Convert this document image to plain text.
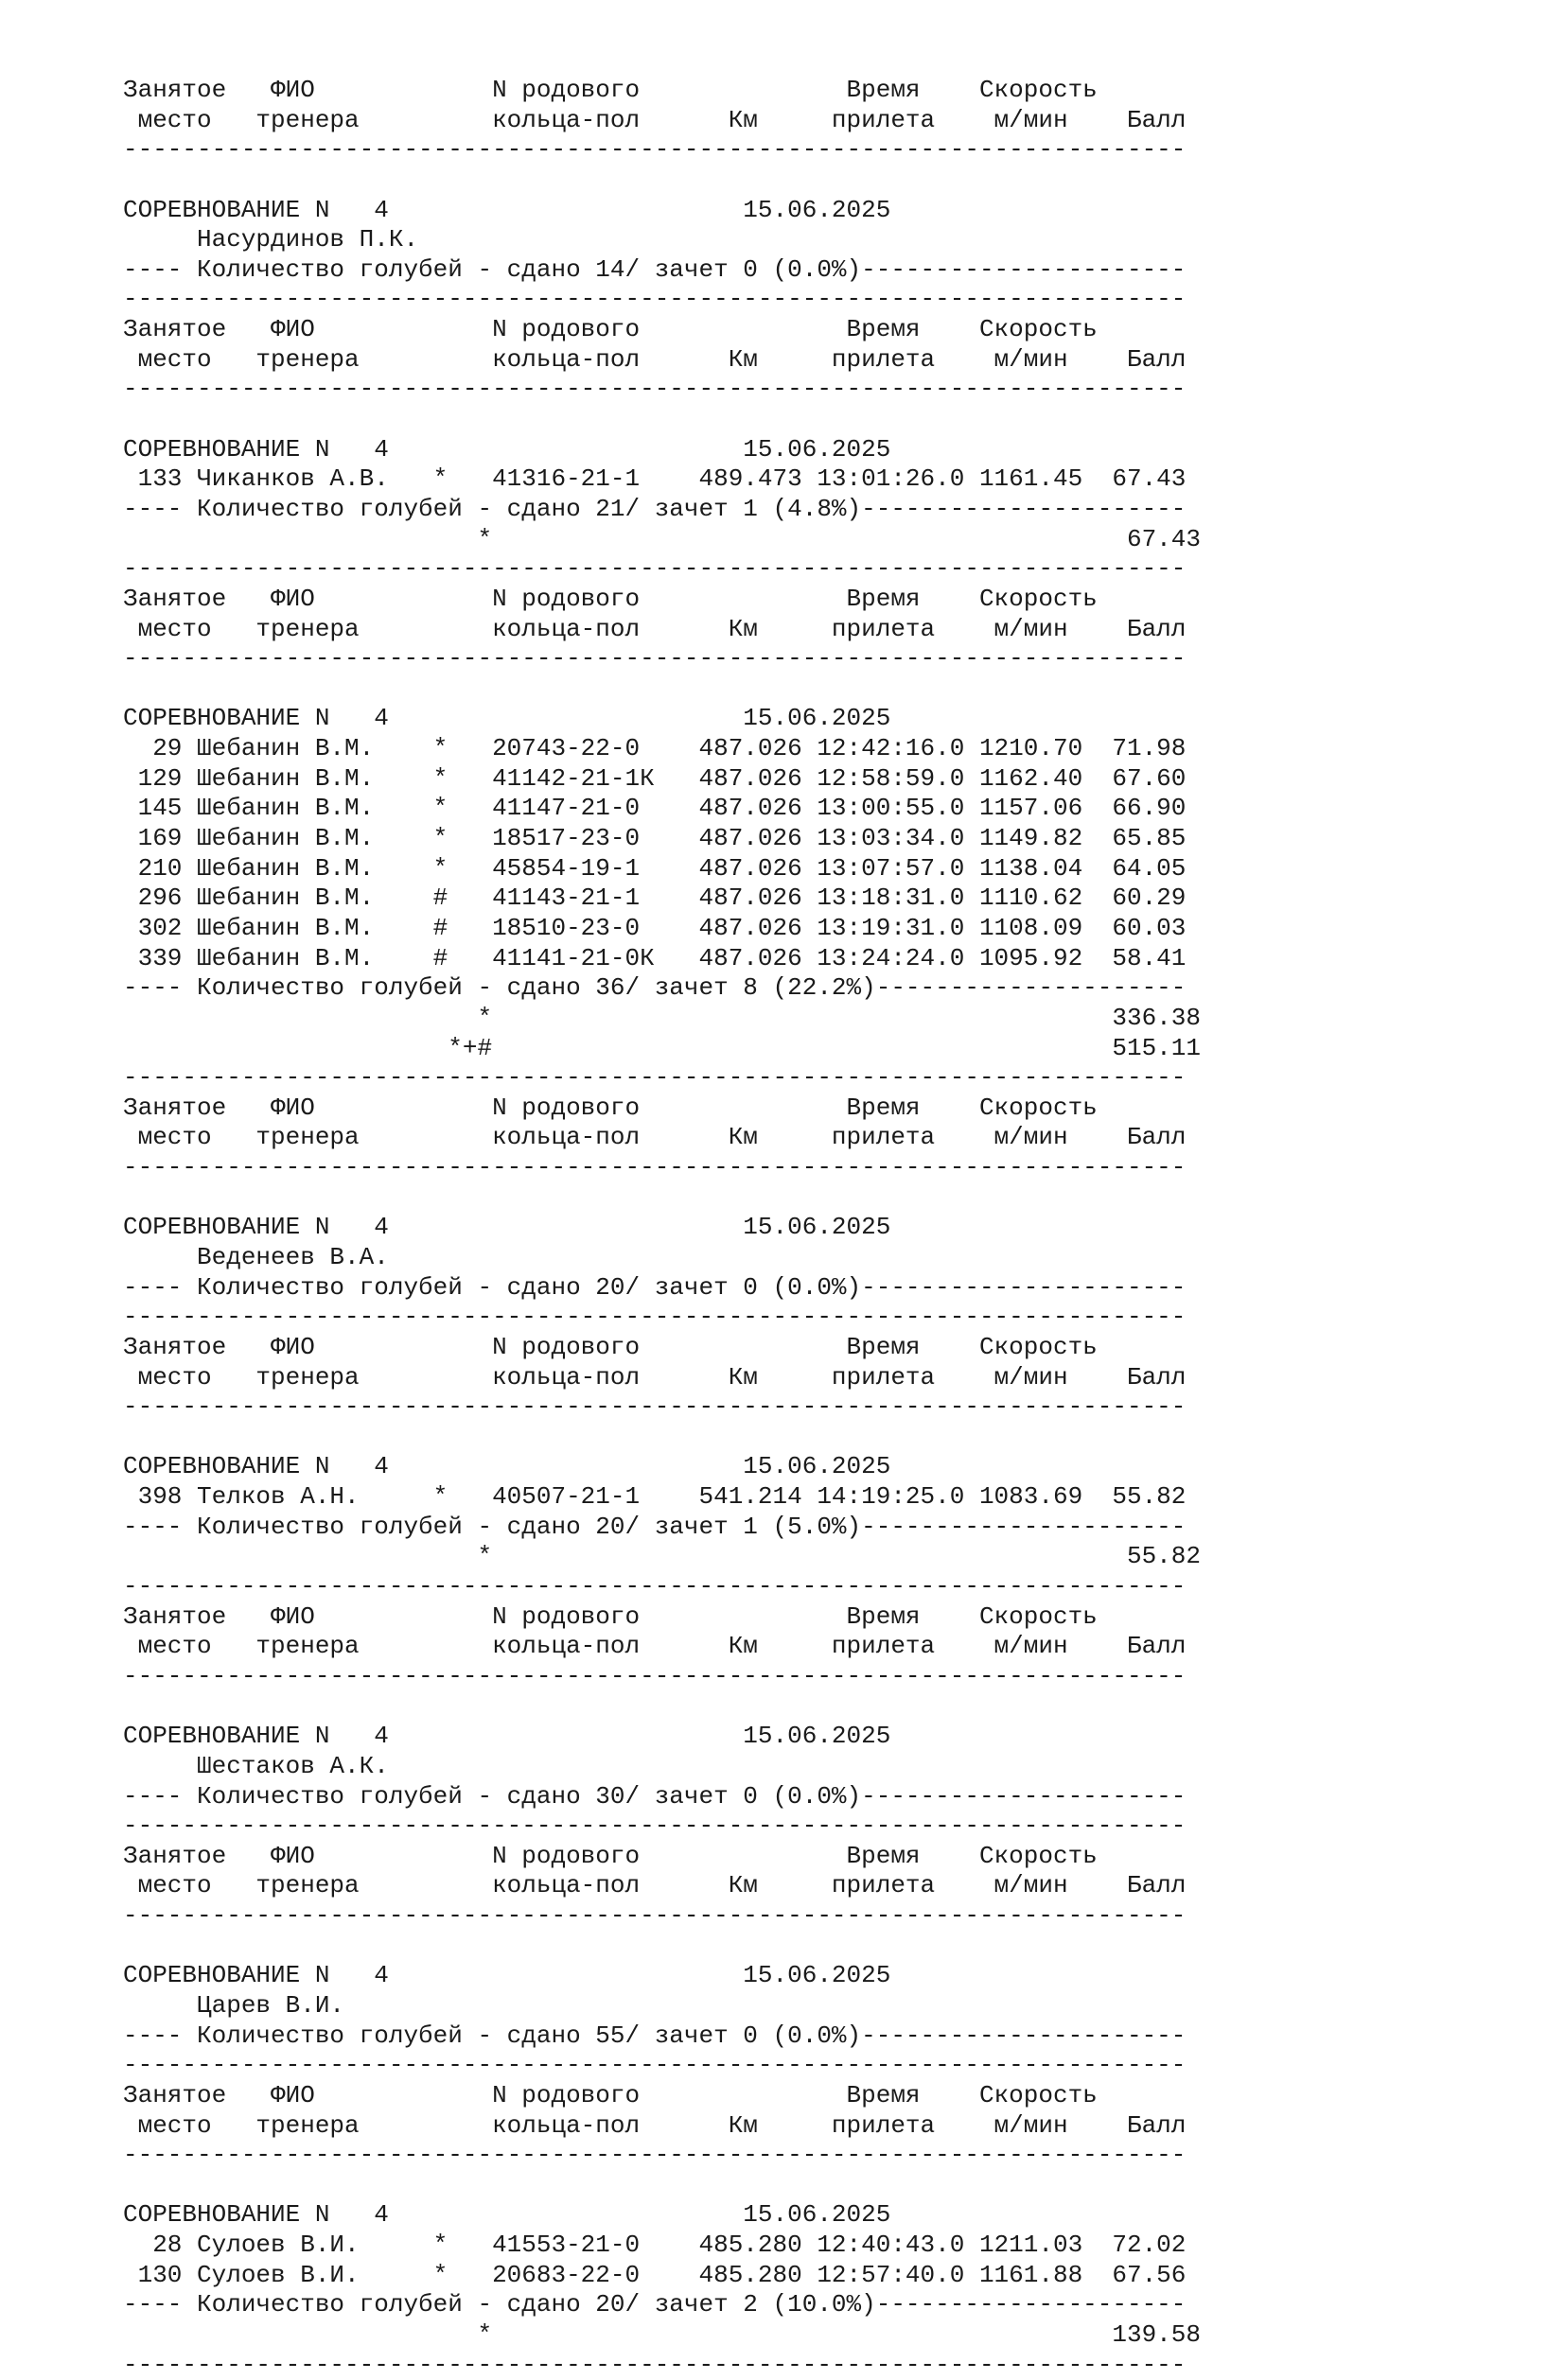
Занятое   ФИО            N родового              Время    Скорость
место   тренера         кольца-пол      Км     прилета    м/мин    Балл
------------------------------------------------------------------------
СОРЕВНОВАНИЕ N   4                        15.06.2025
Насурдинов П.К.
---- Количество голубей - сдано 14/ зачет 0 (0.0%)----------------------
------------------------------------------------------------------------
Занятое   ФИО            N родового              Время    Скорость
место   тренера         кольца-пол      Км     прилета    м/мин    Балл
------------------------------------------------------------------------
СОРЕВНОВАНИЕ N   4                        15.06.2025
133 Чиканков А.В.   *   41316-21-1    489.473 13:01:26.0 1161.45  67.43
---- Количество голубей - сдано 21/ зачет 1 (4.8%)----------------------
*                                           67.43
------------------------------------------------------------------------
Занятое   ФИО            N родового              Время    Скорость
место   тренера         кольца-пол      Км     прилета    м/мин    Балл
------------------------------------------------------------------------
СОРЕВНОВАНИЕ N   4                        15.06.2025
29 Шебанин В.М.    *   20743-22-0    487.026 12:42:16.0 1210.70  71.98
129 Шебанин В.М.    *   41142-21-1К   487.026 12:58:59.0 1162.40  67.60
145 Шебанин В.М.    *   41147-21-0    487.026 13:00:55.0 1157.06  66.90
169 Шебанин В.М.    *   18517-23-0    487.026 13:03:34.0 1149.82  65.85
210 Шебанин В.М.    *   45854-19-1    487.026 13:07:57.0 1138.04  64.05
296 Шебанин В.М.    #   41143-21-1    487.026 13:18:31.0 1110.62  60.29
302 Шебанин В.М.    #   18510-23-0    487.026 13:19:31.0 1108.09  60.03
339 Шебанин В.М.    #   41141-21-0К   487.026 13:24:24.0 1095.92  58.41
---- Количество голубей - сдано 36/ зачет 8 (22.2%)---------------------
*                                          336.38
*+#                                          515.11
------------------------------------------------------------------------
Занятое   ФИО            N родового              Время    Скорость
место   тренера         кольца-пол      Км     прилета    м/мин    Балл
------------------------------------------------------------------------
СОРЕВНОВАНИЕ N   4                        15.06.2025
Веденеев В.А.
---- Количество голубей - сдано 20/ зачет 0 (0.0%)----------------------
------------------------------------------------------------------------
Занятое   ФИО            N родового              Время    Скорость
место   тренера         кольца-пол      Км     прилета    м/мин    Балл
------------------------------------------------------------------------
СОРЕВНОВАНИЕ N   4                        15.06.2025
398 Телков А.Н.     *   40507-21-1    541.214 14:19:25.0 1083.69  55.82
---- Количество голубей - сдано 20/ зачет 1 (5.0%)----------------------
*                                           55.82
------------------------------------------------------------------------
Занятое   ФИО            N родового              Время    Скорость
место   тренера         кольца-пол      Км     прилета    м/мин    Балл
------------------------------------------------------------------------
СОРЕВНОВАНИЕ N   4                        15.06.2025
Шестаков А.К.
---- Количество голубей - сдано 30/ зачет 0 (0.0%)----------------------
------------------------------------------------------------------------
Занятое   ФИО            N родового              Время    Скорость
место   тренера         кольца-пол      Км     прилета    м/мин    Балл
------------------------------------------------------------------------
СОРЕВНОВАНИЕ N   4                        15.06.2025
Царев В.И.
---- Количество голубей - сдано 55/ зачет 0 (0.0%)----------------------
------------------------------------------------------------------------
Занятое   ФИО            N родового              Время    Скорость
место   тренера         кольца-пол      Км     прилета    м/мин    Балл
------------------------------------------------------------------------
СОРЕВНОВАНИЕ N   4                        15.06.2025
28 Сулоев В.И.     *   41553-21-0    485.280 12:40:43.0 1211.03  72.02
130 Сулоев В.И.     *   20683-22-0    485.280 12:57:40.0 1161.88  67.56
---- Количество голубей - сдано 20/ зачет 2 (10.0%)---------------------
*                                          139.58
------------------------------------------------------------------------
